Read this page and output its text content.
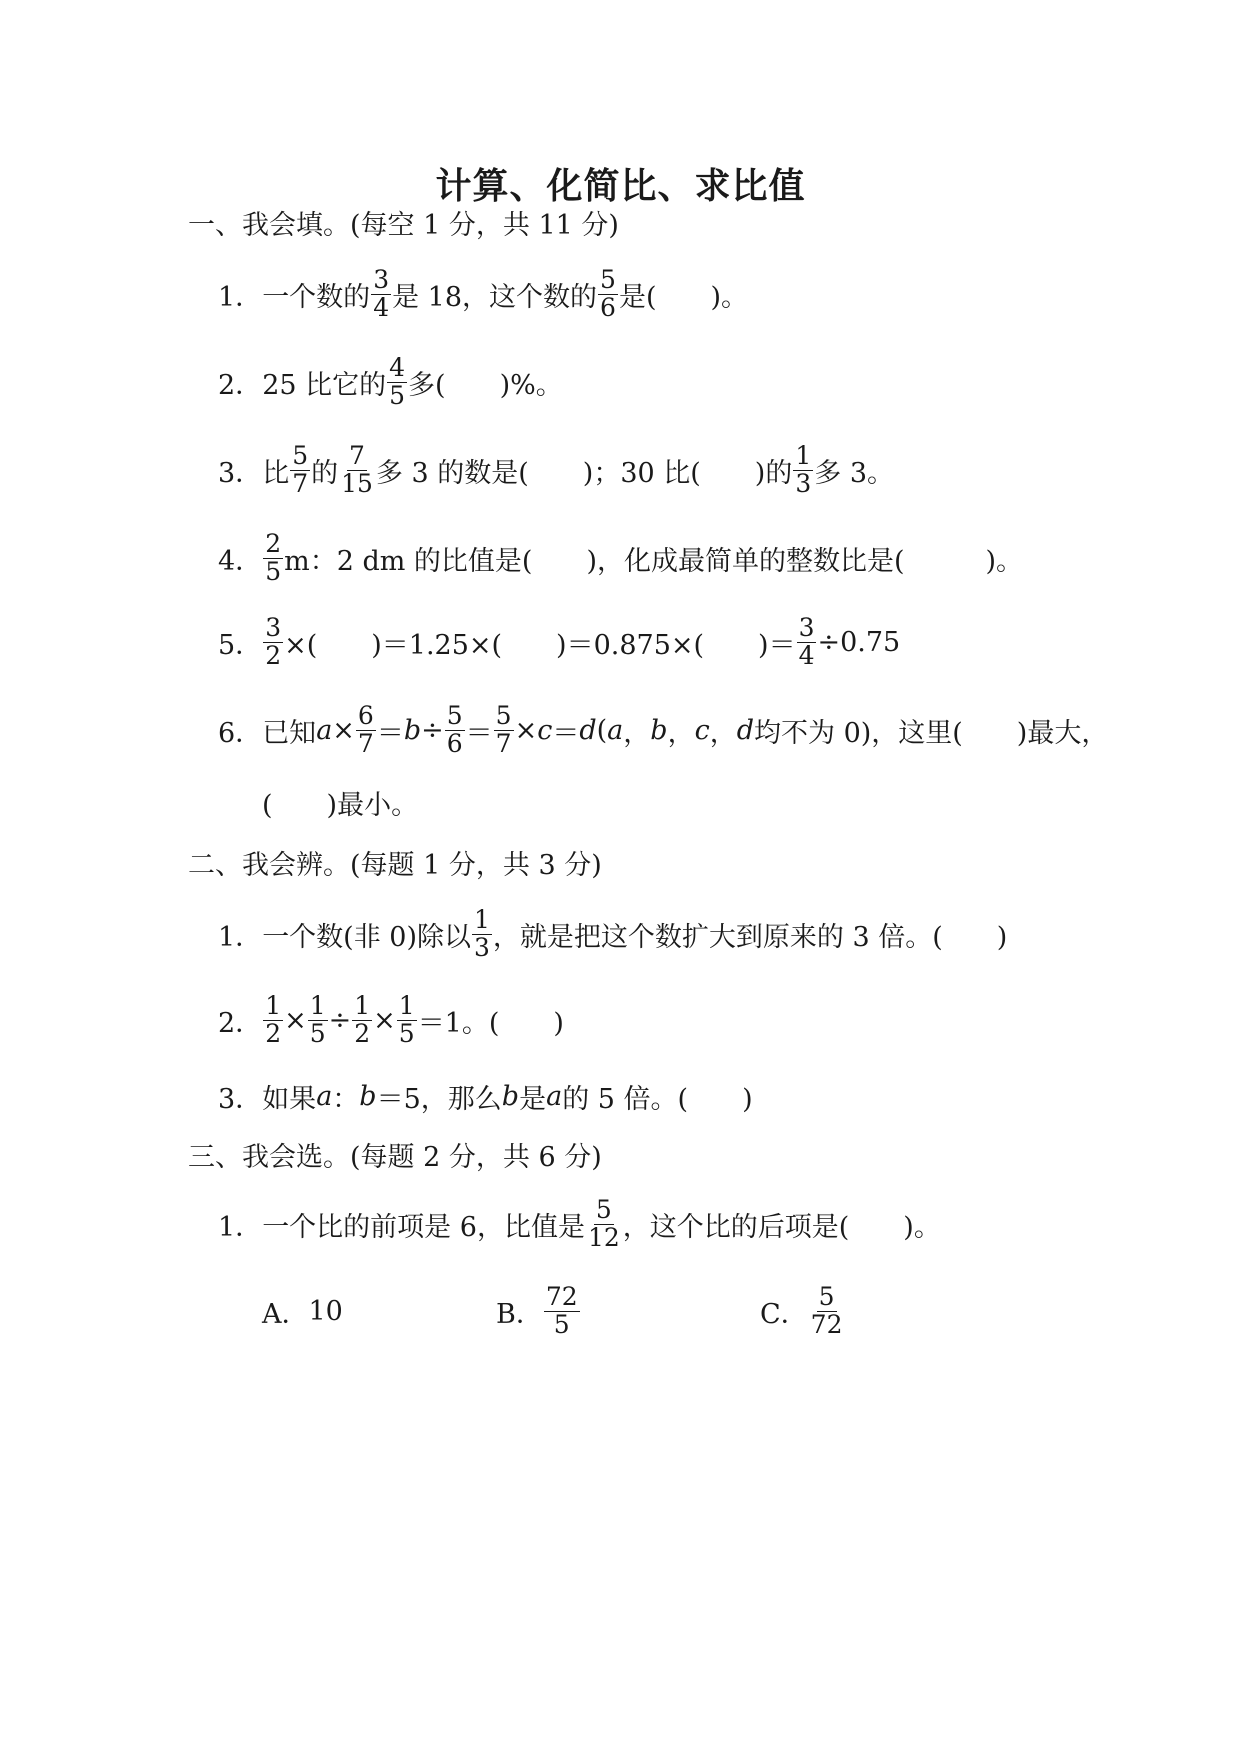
计算、化简比、求比值
一、我会填。(每空 1 分，共 11 分)
1． 一个数的 $\frac{3}{4}$ 是 18，这个数的 $\frac{5}{6}$ 是(　　)。
2． 25 比它的 $\frac{4}{5}$ 多(　　)%。
3． 比 $\frac{5}{7}$ 的 $\frac{7}{15}$ 多 3 的数是(　　)；30 比(　　)的 $\frac{1}{3}$ 多 3。
4． $\frac{2}{5}$ m：2 dm 的比值是(　　)，化成最简单的整数比是(　　　)。
5． $\frac{3}{2}$ ×(　　)＝1.25×(　　)＝0.875×(　　)＝ $\frac{3}{4} \div 0.75$
6． 已知 $a \times \frac{6}{7} = b \div \frac{5}{6} = \frac{5}{7} \times c = d$ ( a ， b ， c ， d 均不为 0)，这里(　　)最大，
(　　)最小。
二、我会辨。(每题 1 分，共 3 分)
1． 一个数(非 0)除以 $\frac{1}{3}$ ，就是把这个数扩大到原来的 3 倍。(　　)
2． $\frac{1}{2} \times \frac{1}{5} \div \frac{1}{2} \times \frac{1}{5} =1$。(　　)
3． 如果 a ： b ＝5，那么 b 是 a 的 5 倍。(　　)
三、我会选。(每题 2 分，共 6 分)
1． 一个比的前项是 6，比值是 $\frac{5}{12}$ ，这个比的后项是(　　)。
A． 10	B． $\frac{72}{5}$	C． $\frac{5}{72}$
